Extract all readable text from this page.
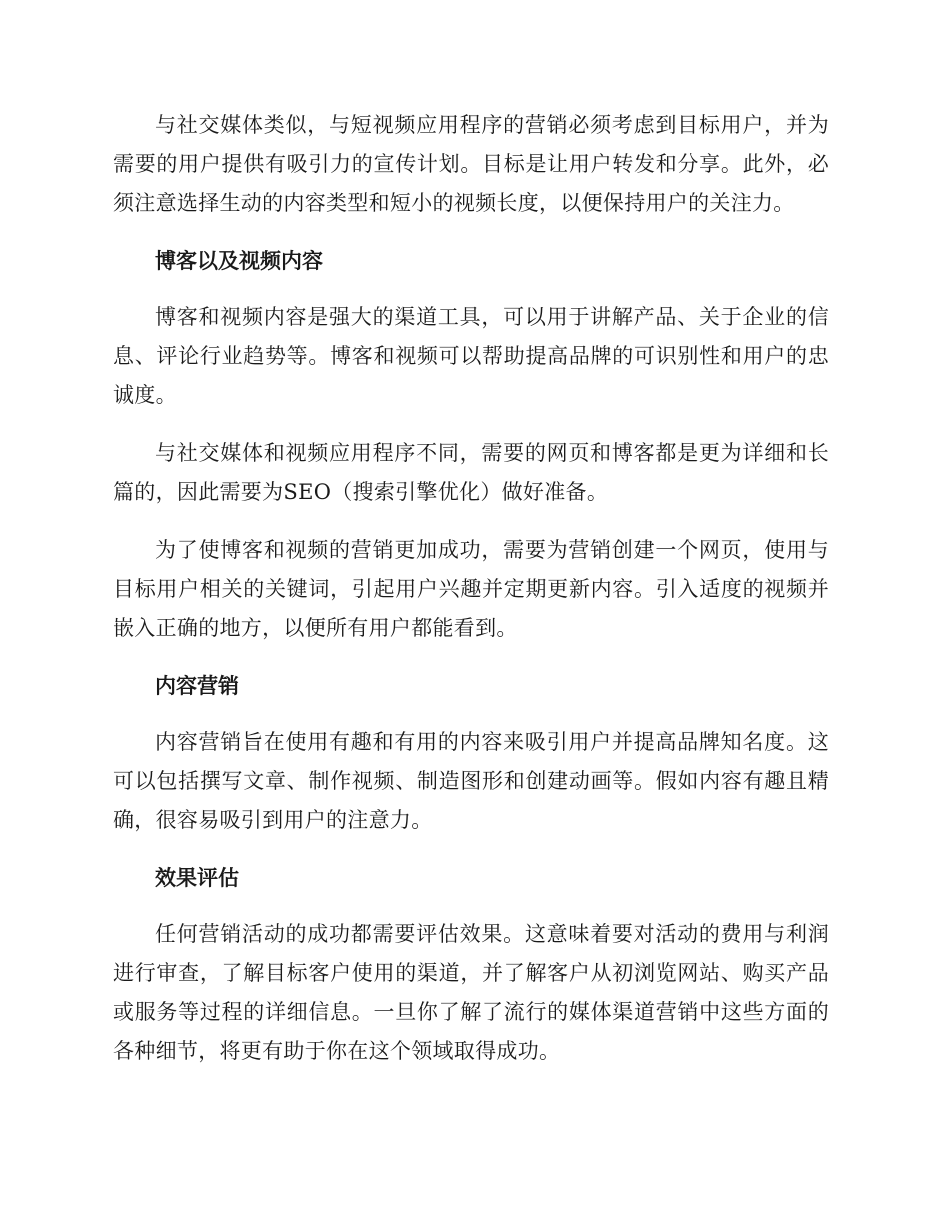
与社交媒体类似，与短视频应用程序的营销必须考虑到目标用户，并为需要的用户提供有吸引力的宣传计划。目标是让用户转发和分享。此外，必须注意选择生动的内容类型和短小的视频长度，以便保持用户的关注力。

博客以及视频内容

博客和视频内容是强大的渠道工具，可以用于讲解产品、关于企业的信息、评论行业趋势等。博客和视频可以帮助提高品牌的可识别性和用户的忠诚度。

与社交媒体和视频应用程序不同，需要的网页和博客都是更为详细和长篇的，因此需要为SEO（搜索引擎优化）做好准备。

为了使博客和视频的营销更加成功，需要为营销创建一个网页，使用与目标用户相关的关键词，引起用户兴趣并定期更新内容。引入适度的视频并嵌入正确的地方，以便所有用户都能看到。

内容营销

内容营销旨在使用有趣和有用的内容来吸引用户并提高品牌知名度。这可以包括撰写文章、制作视频、制造图形和创建动画等。假如内容有趣且精确，很容易吸引到用户的注意力。

效果评估

任何营销活动的成功都需要评估效果。这意味着要对活动的费用与利润进行审查，了解目标客户使用的渠道，并了解客户从初浏览网站、购买产品或服务等过程的详细信息。一旦你了解了流行的媒体渠道营销中这些方面的各种细节，将更有助于你在这个领域取得成功。
